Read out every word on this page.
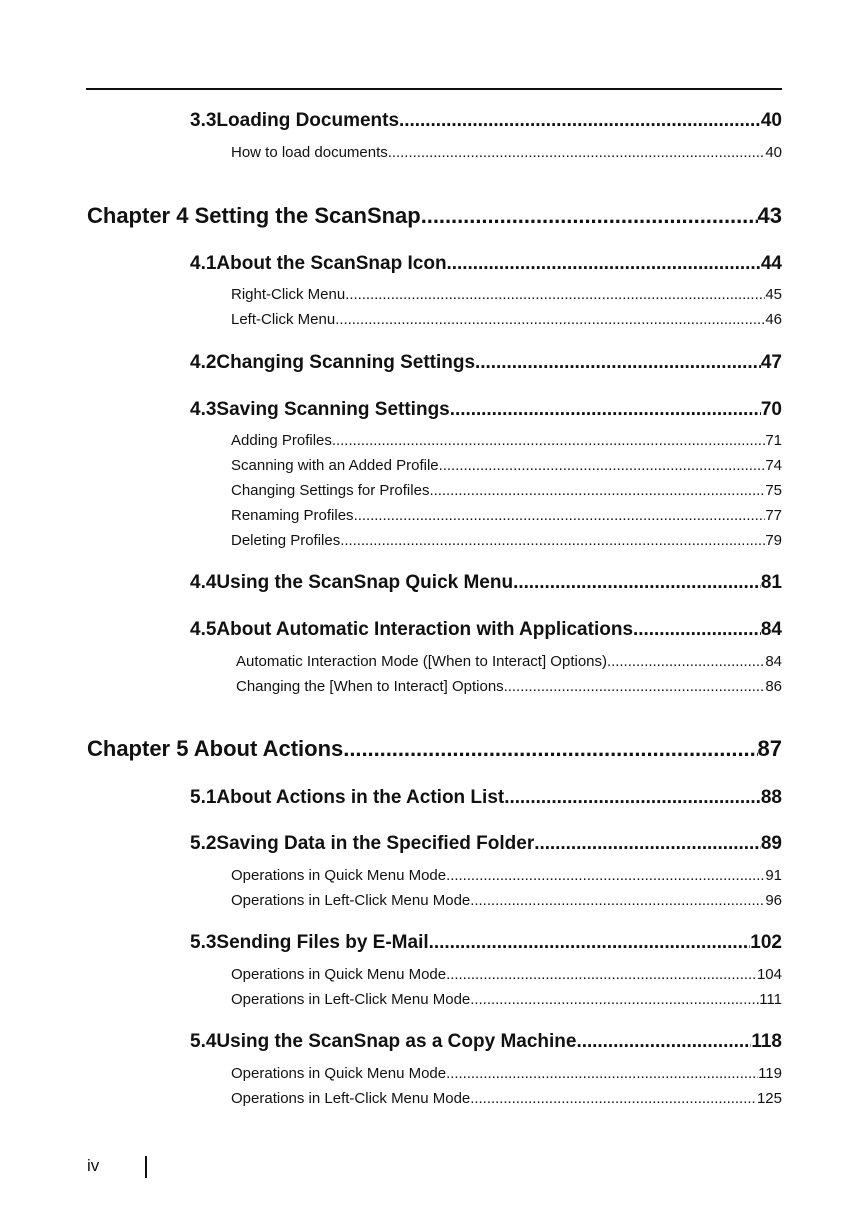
3.3 Loading Documents . . .	40
How to load documents . . .	40
Chapter 4 Setting the ScanSnap . . .	43
4.1 About the ScanSnap Icon . . .	44
Right-Click Menu . . .	45
Left-Click Menu . . .	46
4.2 Changing Scanning Settings . . .	47
4.3 Saving Scanning Settings . . .	70
Adding Profiles . . .	71
Scanning with an Added Profile . . .	74
Changing Settings for Profiles . . .	75
Renaming Profiles . . .	77
Deleting Profiles . . .	79
4.4 Using the ScanSnap Quick Menu . . .	81
4.5 About Automatic Interaction with Applications . . .	84
Automatic Interaction Mode ([When to Interact] Options) . . .	84
Changing the [When to Interact] Options . . .	86
Chapter 5 About Actions . . .	87
5.1 About Actions in the Action List . . .	88
5.2 Saving Data in the Specified Folder . . .	89
Operations in Quick Menu Mode . . .	91
Operations in Left-Click Menu Mode . . .	96
5.3 Sending Files by E-Mail . . .	102
Operations in Quick Menu Mode . . .	104
Operations in Left-Click Menu Mode . . .	111
5.4 Using the ScanSnap as a Copy Machine . . .	118
Operations in Quick Menu Mode . . .	119
Operations in Left-Click Menu Mode . . .	125
iv
